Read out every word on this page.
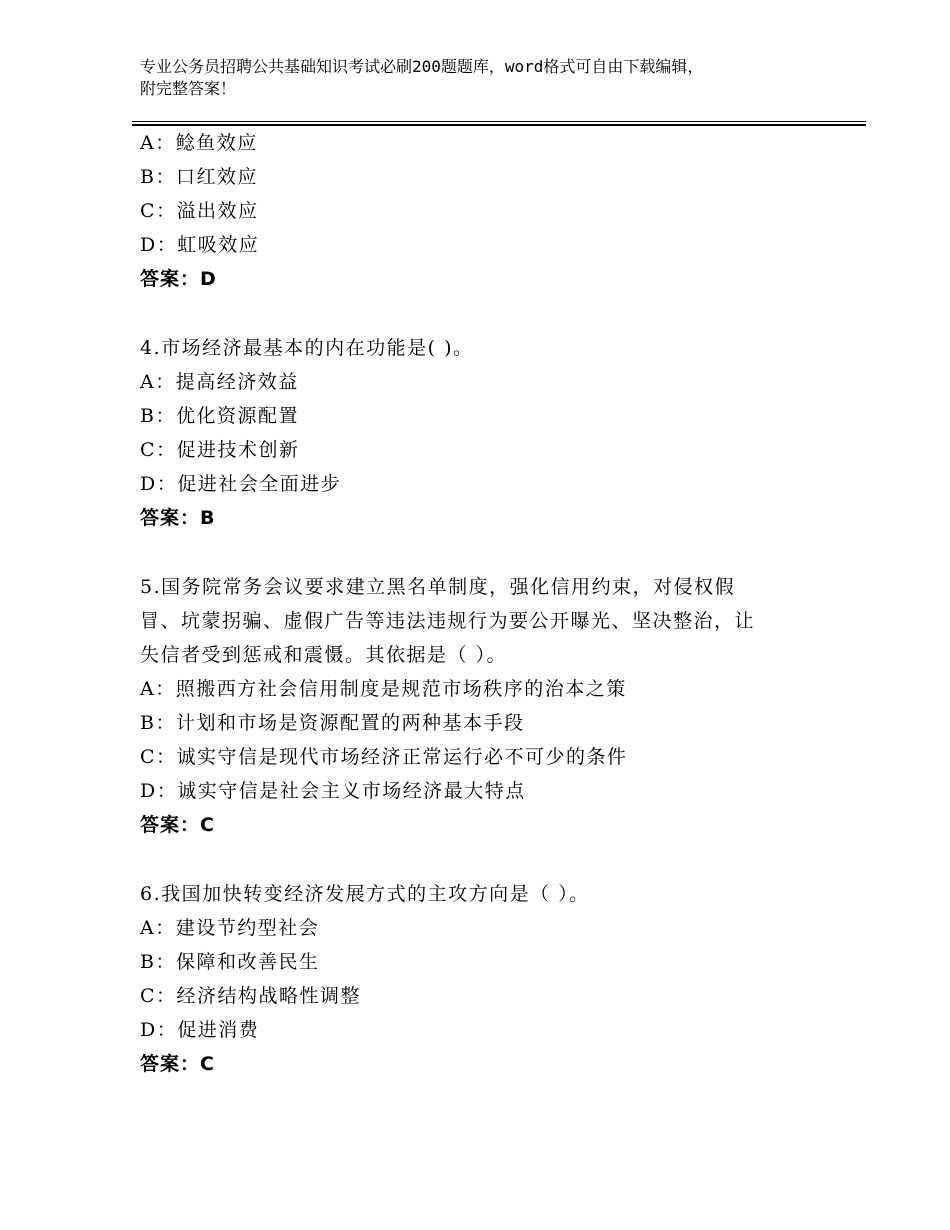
专业公务员招聘公共基础知识考试必刷200题题库，word格式可自由下载编辑，
附完整答案！
A：鲶鱼效应
B：口红效应
C：溢出效应
D：虹吸效应
答案：D
4.市场经济最基本的内在功能是( )。
A：提高经济效益
B：优化资源配置
C：促进技术创新
D：促进社会全面进步
答案：B
5.国务院常务会议要求建立黑名单制度，强化信用约束，对侵权假
冒、坑蒙拐骗、虚假广告等违法违规行为要公开曝光、坚决整治，让
失信者受到惩戒和震慑。其依据是（ ）。
A：照搬西方社会信用制度是规范市场秩序的治本之策
B：计划和市场是资源配置的两种基本手段
C：诚实守信是现代市场经济正常运行必不可少的条件
D：诚实守信是社会主义市场经济最大特点
答案：C
6.我国加快转变经济发展方式的主攻方向是（ ）。
A：建设节约型社会
B：保障和改善民生
C：经济结构战略性调整
D：促进消费
答案：C
